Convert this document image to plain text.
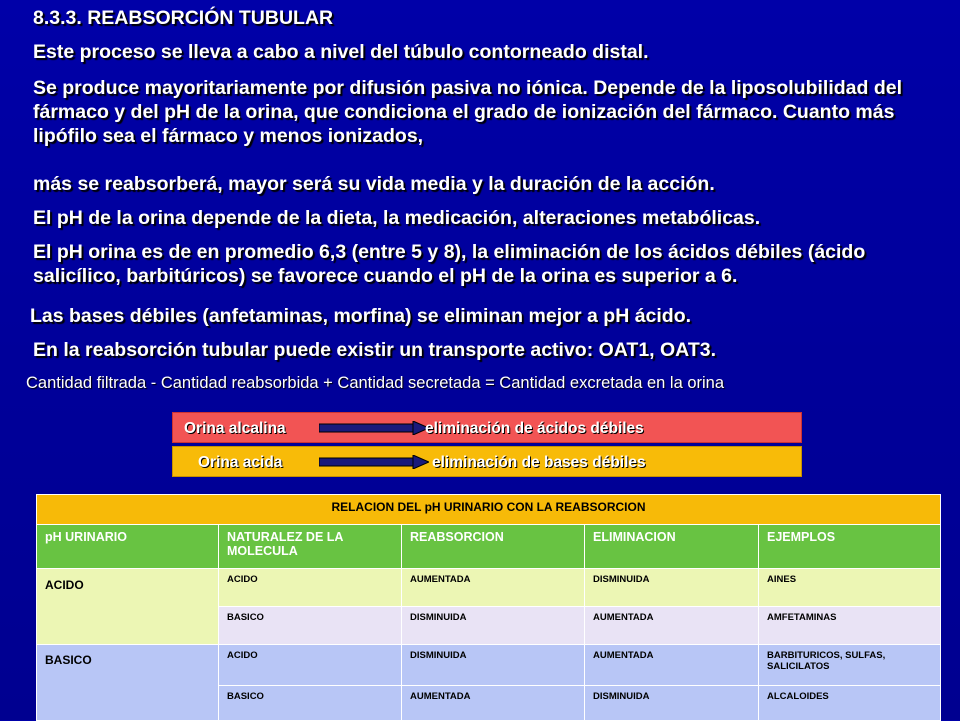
8.3.3. REABSORCIÓN TUBULAR
Este proceso se lleva a cabo a nivel del túbulo contorneado distal.
Se produce mayoritariamente por difusión pasiva no iónica. Depende de la liposolubilidad del fármaco y del pH de la orina, que condiciona el grado de ionización del fármaco. Cuanto más lipófilo sea el fármaco y menos ionizados,
más se reabsorberá, mayor será su vida media y la duración de la acción.
El pH de la orina depende de la dieta, la medicación, alteraciones metabólicas.
El pH orina es de en promedio 6,3 (entre 5 y 8), la eliminación de los ácidos débiles (ácido salicílico, barbitúricos) se favorece cuando el pH de la orina es superior a 6.
Las bases débiles (anfetaminas, morfina) se eliminan mejor a pH ácido.
En la reabsorción tubular puede existir un transporte activo: OAT1, OAT3.
Cantidad filtrada - Cantidad reabsorbida + Cantidad secretada = Cantidad excretada en la orina
Orina alcalina	eliminación de ácidos débiles
Orina acida	eliminación de bases débiles
RELACION DEL pH URINARIO CON LA REABSORCION				
pH URINARIO	NATURALEZ DE LA MOLECULA	REABSORCION	ELIMINACION	EJEMPLOS
ACIDO	ACIDO	AUMENTADA	DISMINUIDA	AINES
	BASICO	DISMINUIDA	AUMENTADA	AMFETAMINAS
BASICO	ACIDO	DISMINUIDA	AUMENTADA	BARBITURICOS, SULFAS, SALICILATOS
	BASICO	AUMENTADA	DISMINUIDA	ALCALOIDES
